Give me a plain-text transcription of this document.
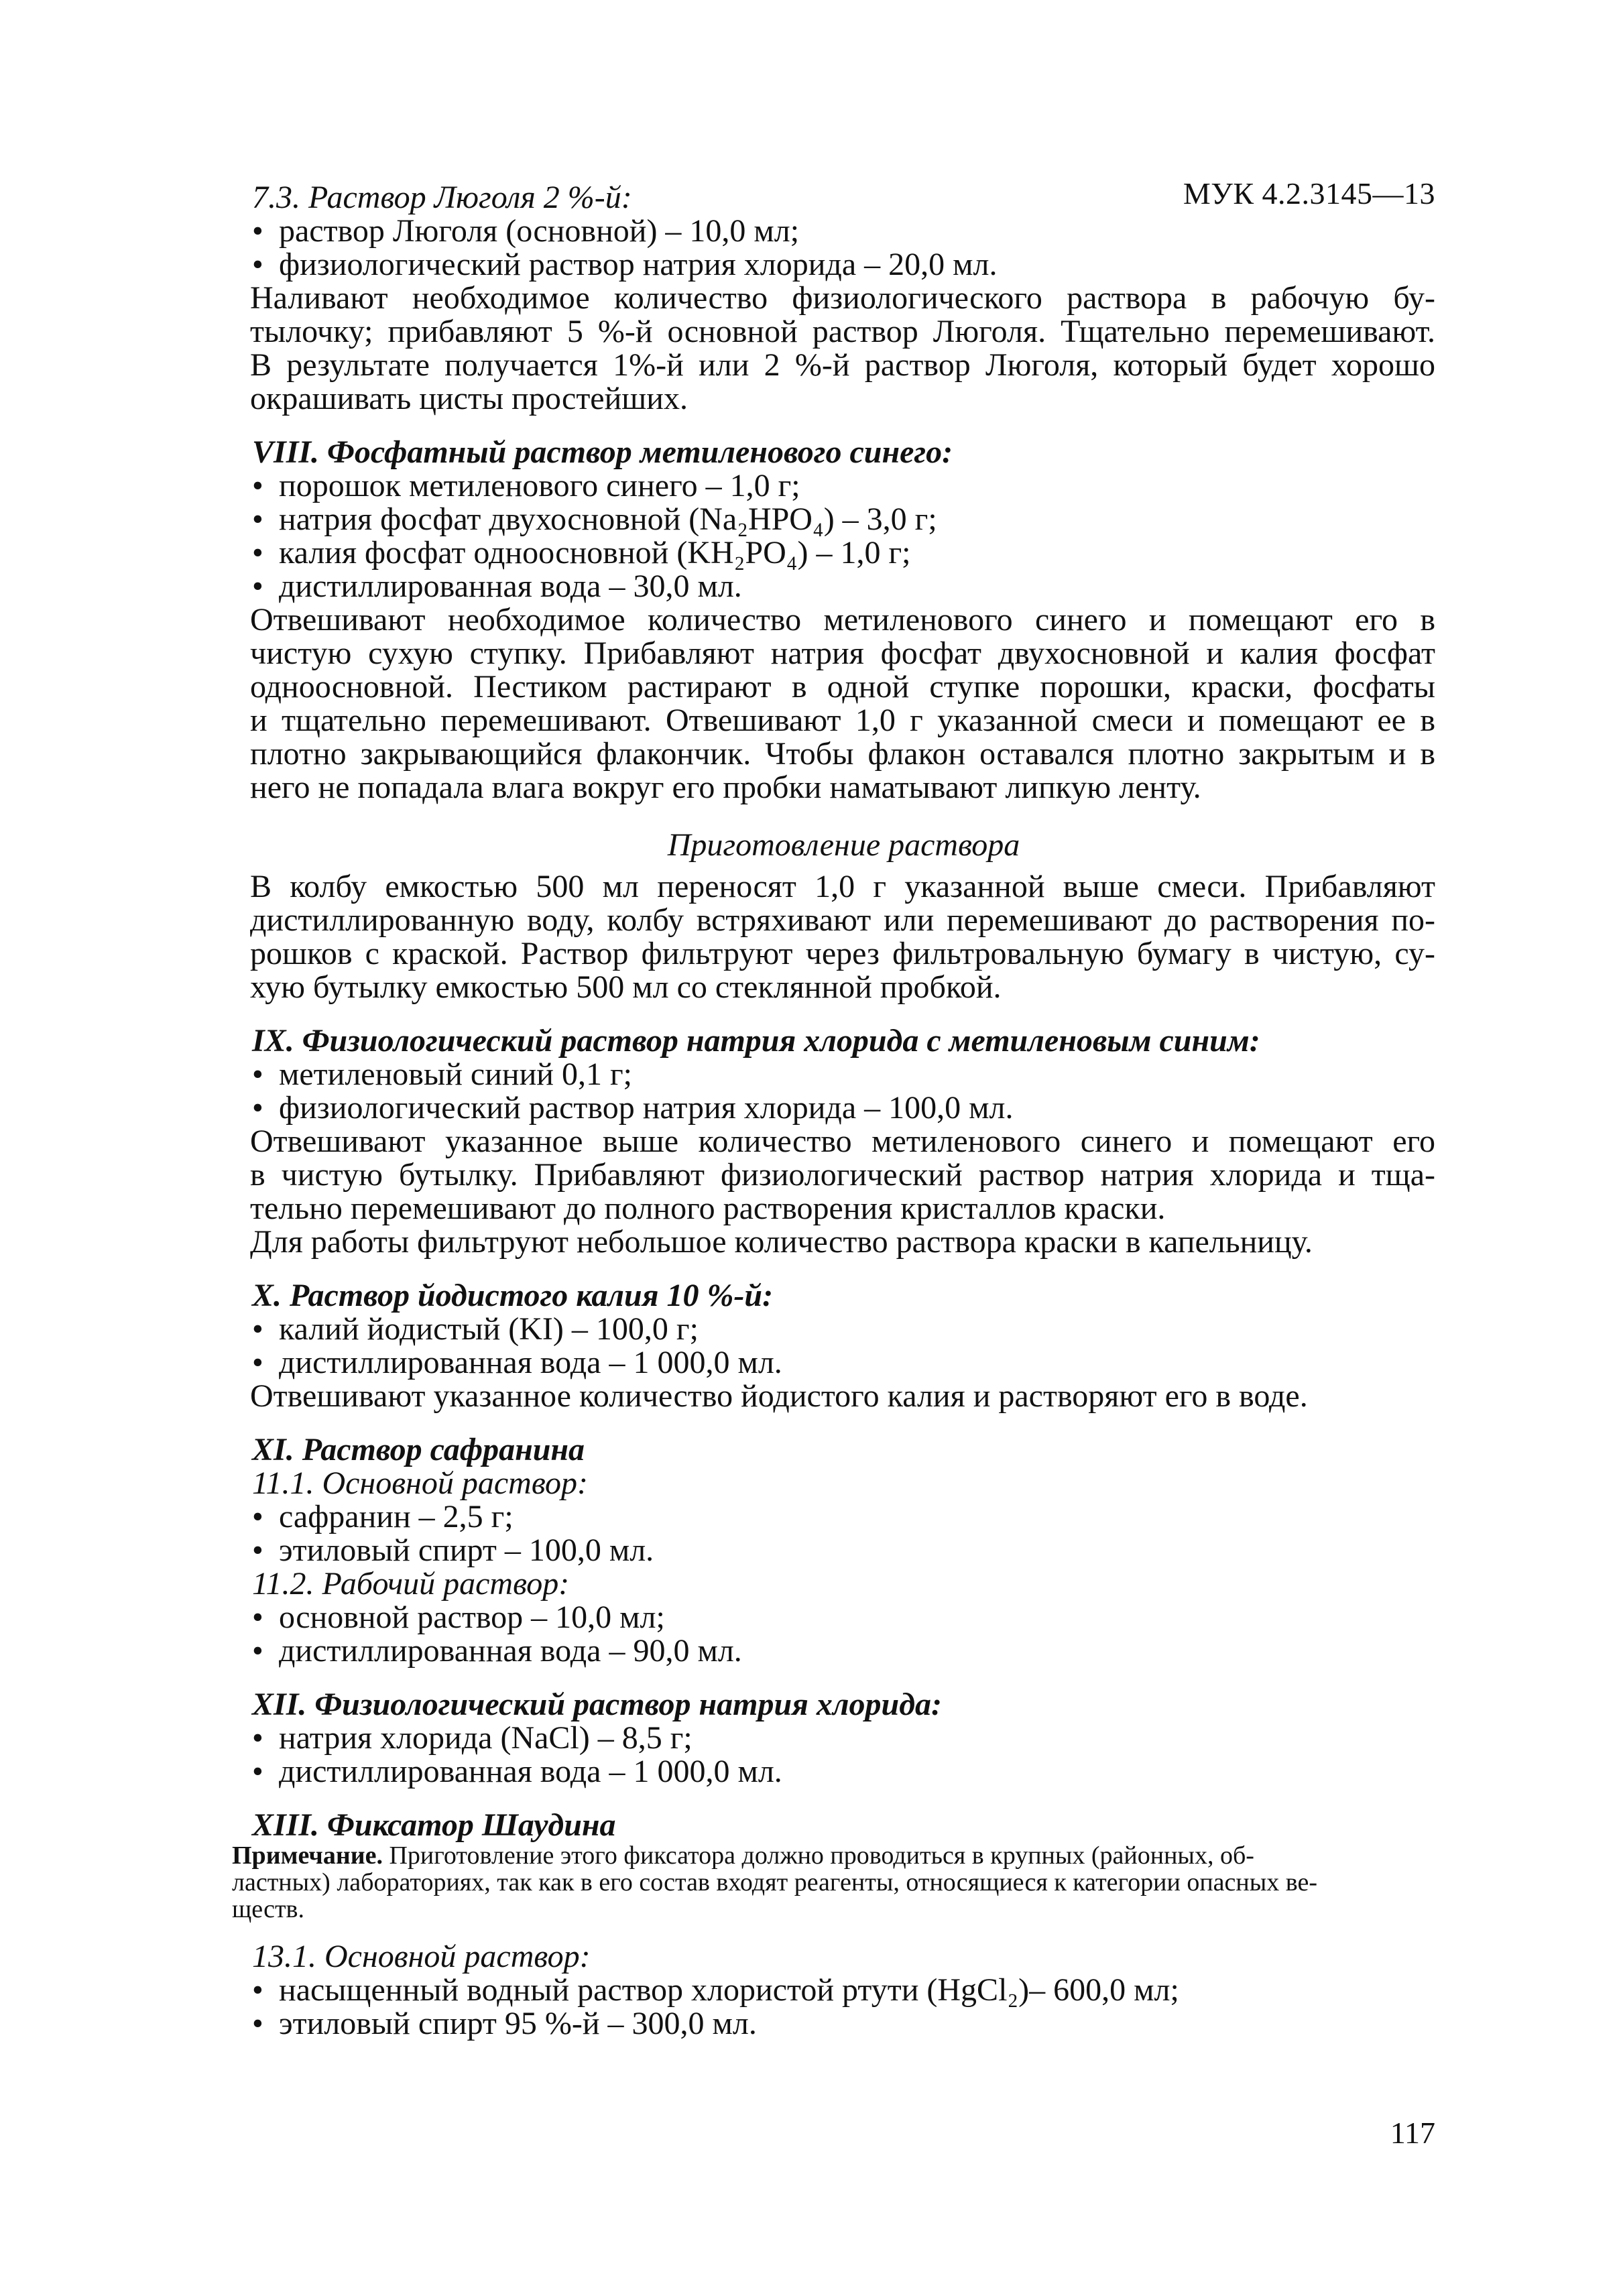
МУК 4.2.3145—13
7.3. Раствор Люголя 2 %-й:
• раствор Люголя (основной) – 10,0 мл;
• физиологический раствор натрия хлорида – 20,0 мл.
Наливают необходимое количество физиологического раствора в рабочую бу-
тылочку; прибавляют 5 %-й основной раствор Люголя. Тщательно перемешивают.
В результате получается 1%-й или 2 %-й раствор Люголя, который будет хорошо
окрашивать цисты простейших.
VIII. Фосфатный раствор метиленового синего:
• порошок метиленового синего – 1,0 г;
• натрия фосфат двухосновной (Na₂HPO₄) – 3,0 г;
• калия фосфат одноосновной (KH₂PO₄) – 1,0 г;
• дистиллированная вода – 30,0 мл.
Отвешивают необходимое количество метиленового синего и помещают его в
чистую сухую ступку. Прибавляют натрия фосфат двухосновной и калия фосфат
одноосновной. Пестиком растирают в одной ступке порошки, краски, фосфаты
и тщательно перемешивают. Отвешивают 1,0 г указанной смеси и помещают ее в
плотно закрывающийся флакончик. Чтобы флакон оставался плотно закрытым и в
него не попадала влага вокруг его пробки наматывают липкую ленту.
Приготовление раствора
В колбу емкостью 500 мл переносят 1,0 г указанной выше смеси. Прибавляют
дистиллированную воду, колбу встряхивают или перемешивают до растворения по-
рошков с краской. Раствор фильтруют через фильтровальную бумагу в чистую, су-
хую бутылку емкостью 500 мл со стеклянной пробкой.
IX. Физиологический раствор натрия хлорида с метиленовым синим:
• метиленовый синий 0,1 г;
• физиологический раствор натрия хлорида – 100,0 мл.
Отвешивают указанное выше количество метиленового синего и помещают его
в чистую бутылку. Прибавляют физиологический раствор натрия хлорида и тща-
тельно перемешивают до полного растворения кристаллов краски.
Для работы фильтруют небольшое количество раствора краски в капельницу.
X. Раствор йодистого калия 10 %-й:
• калий йодистый (KI) – 100,0 г;
• дистиллированная вода – 1 000,0 мл.
Отвешивают указанное количество йодистого калия и растворяют его в воде.
XI. Раствор сафранина
11.1. Основной раствор:
• сафранин – 2,5 г;
• этиловый спирт – 100,0 мл.
11.2. Рабочий раствор:
• основной раствор – 10,0 мл;
• дистиллированная вода – 90,0 мл.
XII. Физиологический раствор натрия хлорида:
• натрия хлорида (NaCl) – 8,5 г;
• дистиллированная вода – 1 000,0 мл.
XIII. Фиксатор Шаудина
Примечание. Приготовление этого фиксатора должно проводиться в крупных (районных, об-
ластных) лабораториях, так как в его состав входят реагенты, относящиеся к категории опасных ве-
ществ.
13.1. Основной раствор:
• насыщенный водный раствор хлористой ртути (HgCl₂)– 600,0 мл;
• этиловый спирт 95 %-й – 300,0 мл.
117
